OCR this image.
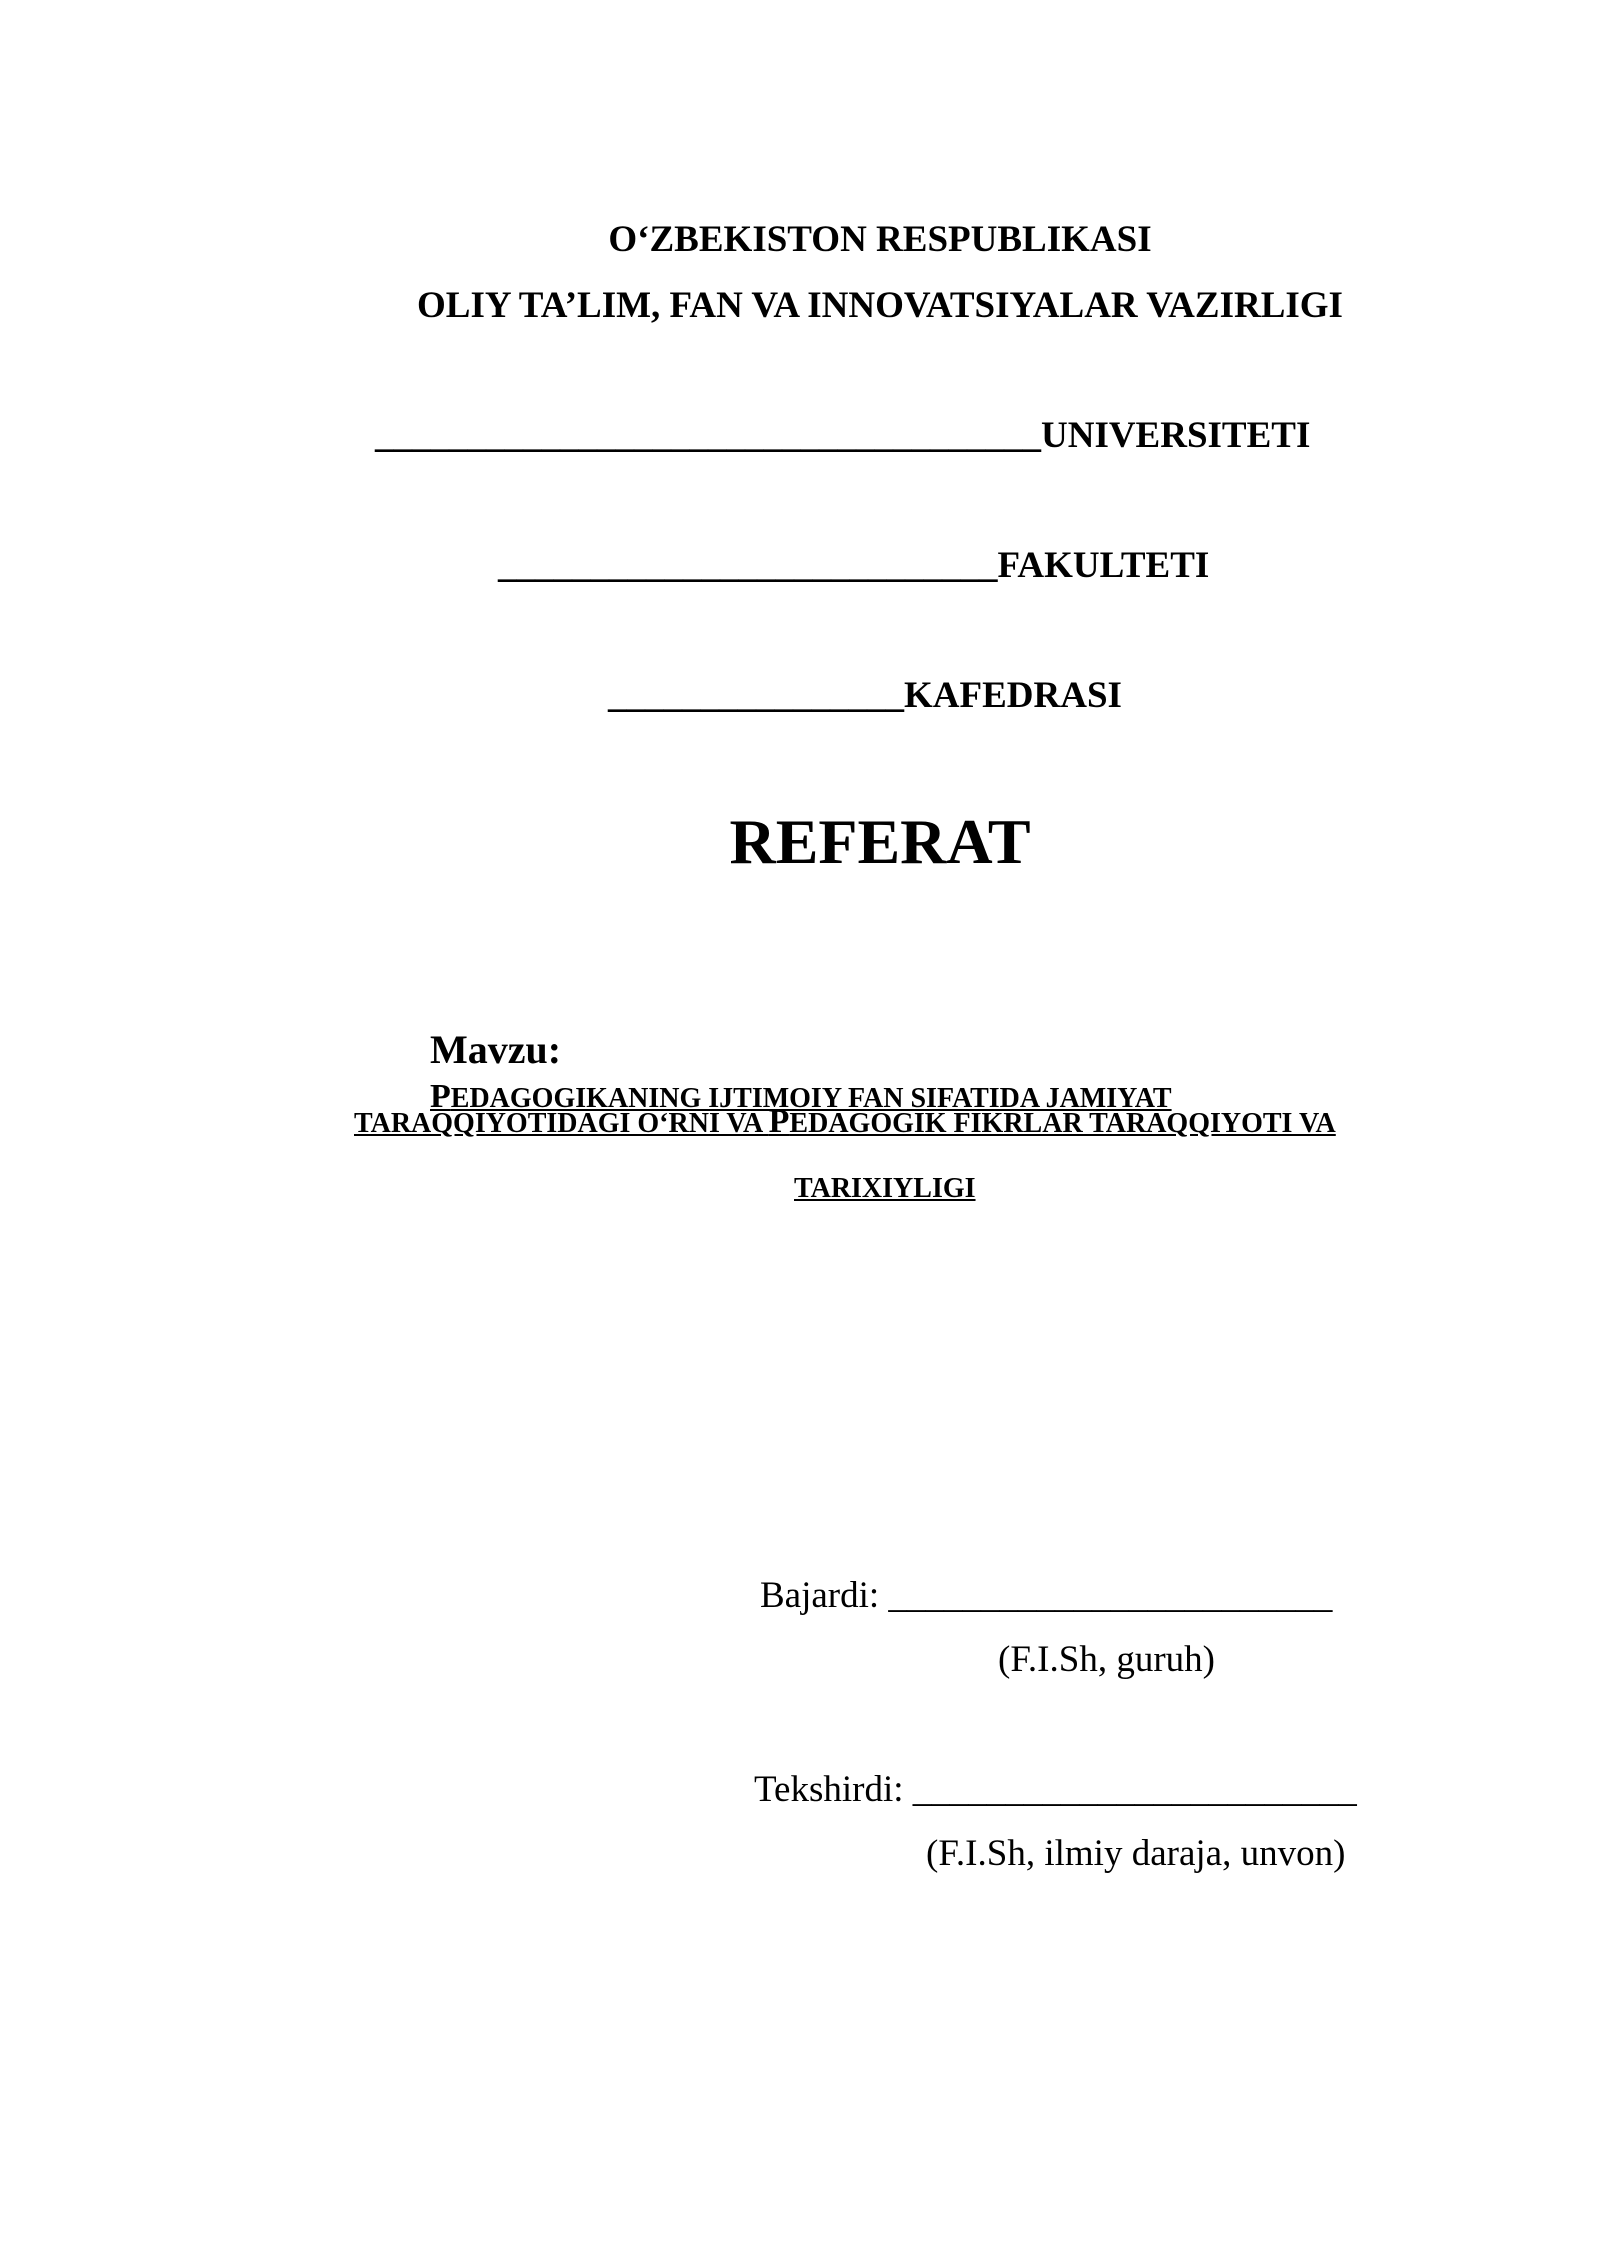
O‘ZBEKISTON RESPUBLIKASI
OLIY TA’LIM, FAN VA INNOVATSIYALAR VAZIRLIGI
____________________________________UNIVERSITETI
___________________________FAKULTETI
________________KAFEDRASI
REFERAT

Mavzu:
PEDAGOGIKANING IJTIMOIY FAN SIFATIDA JAMIYAT

TARAQQIYOTIDAGI O‘RNI VA PEDAGOGIK FIKRLAR TARAQQIYOTI VA

TARIXIYLIGI

Bajardi: ________________________
(F.I.Sh, guruh)
Tekshirdi: ________________________
(F.I.Sh, ilmiy daraja, unvon)
